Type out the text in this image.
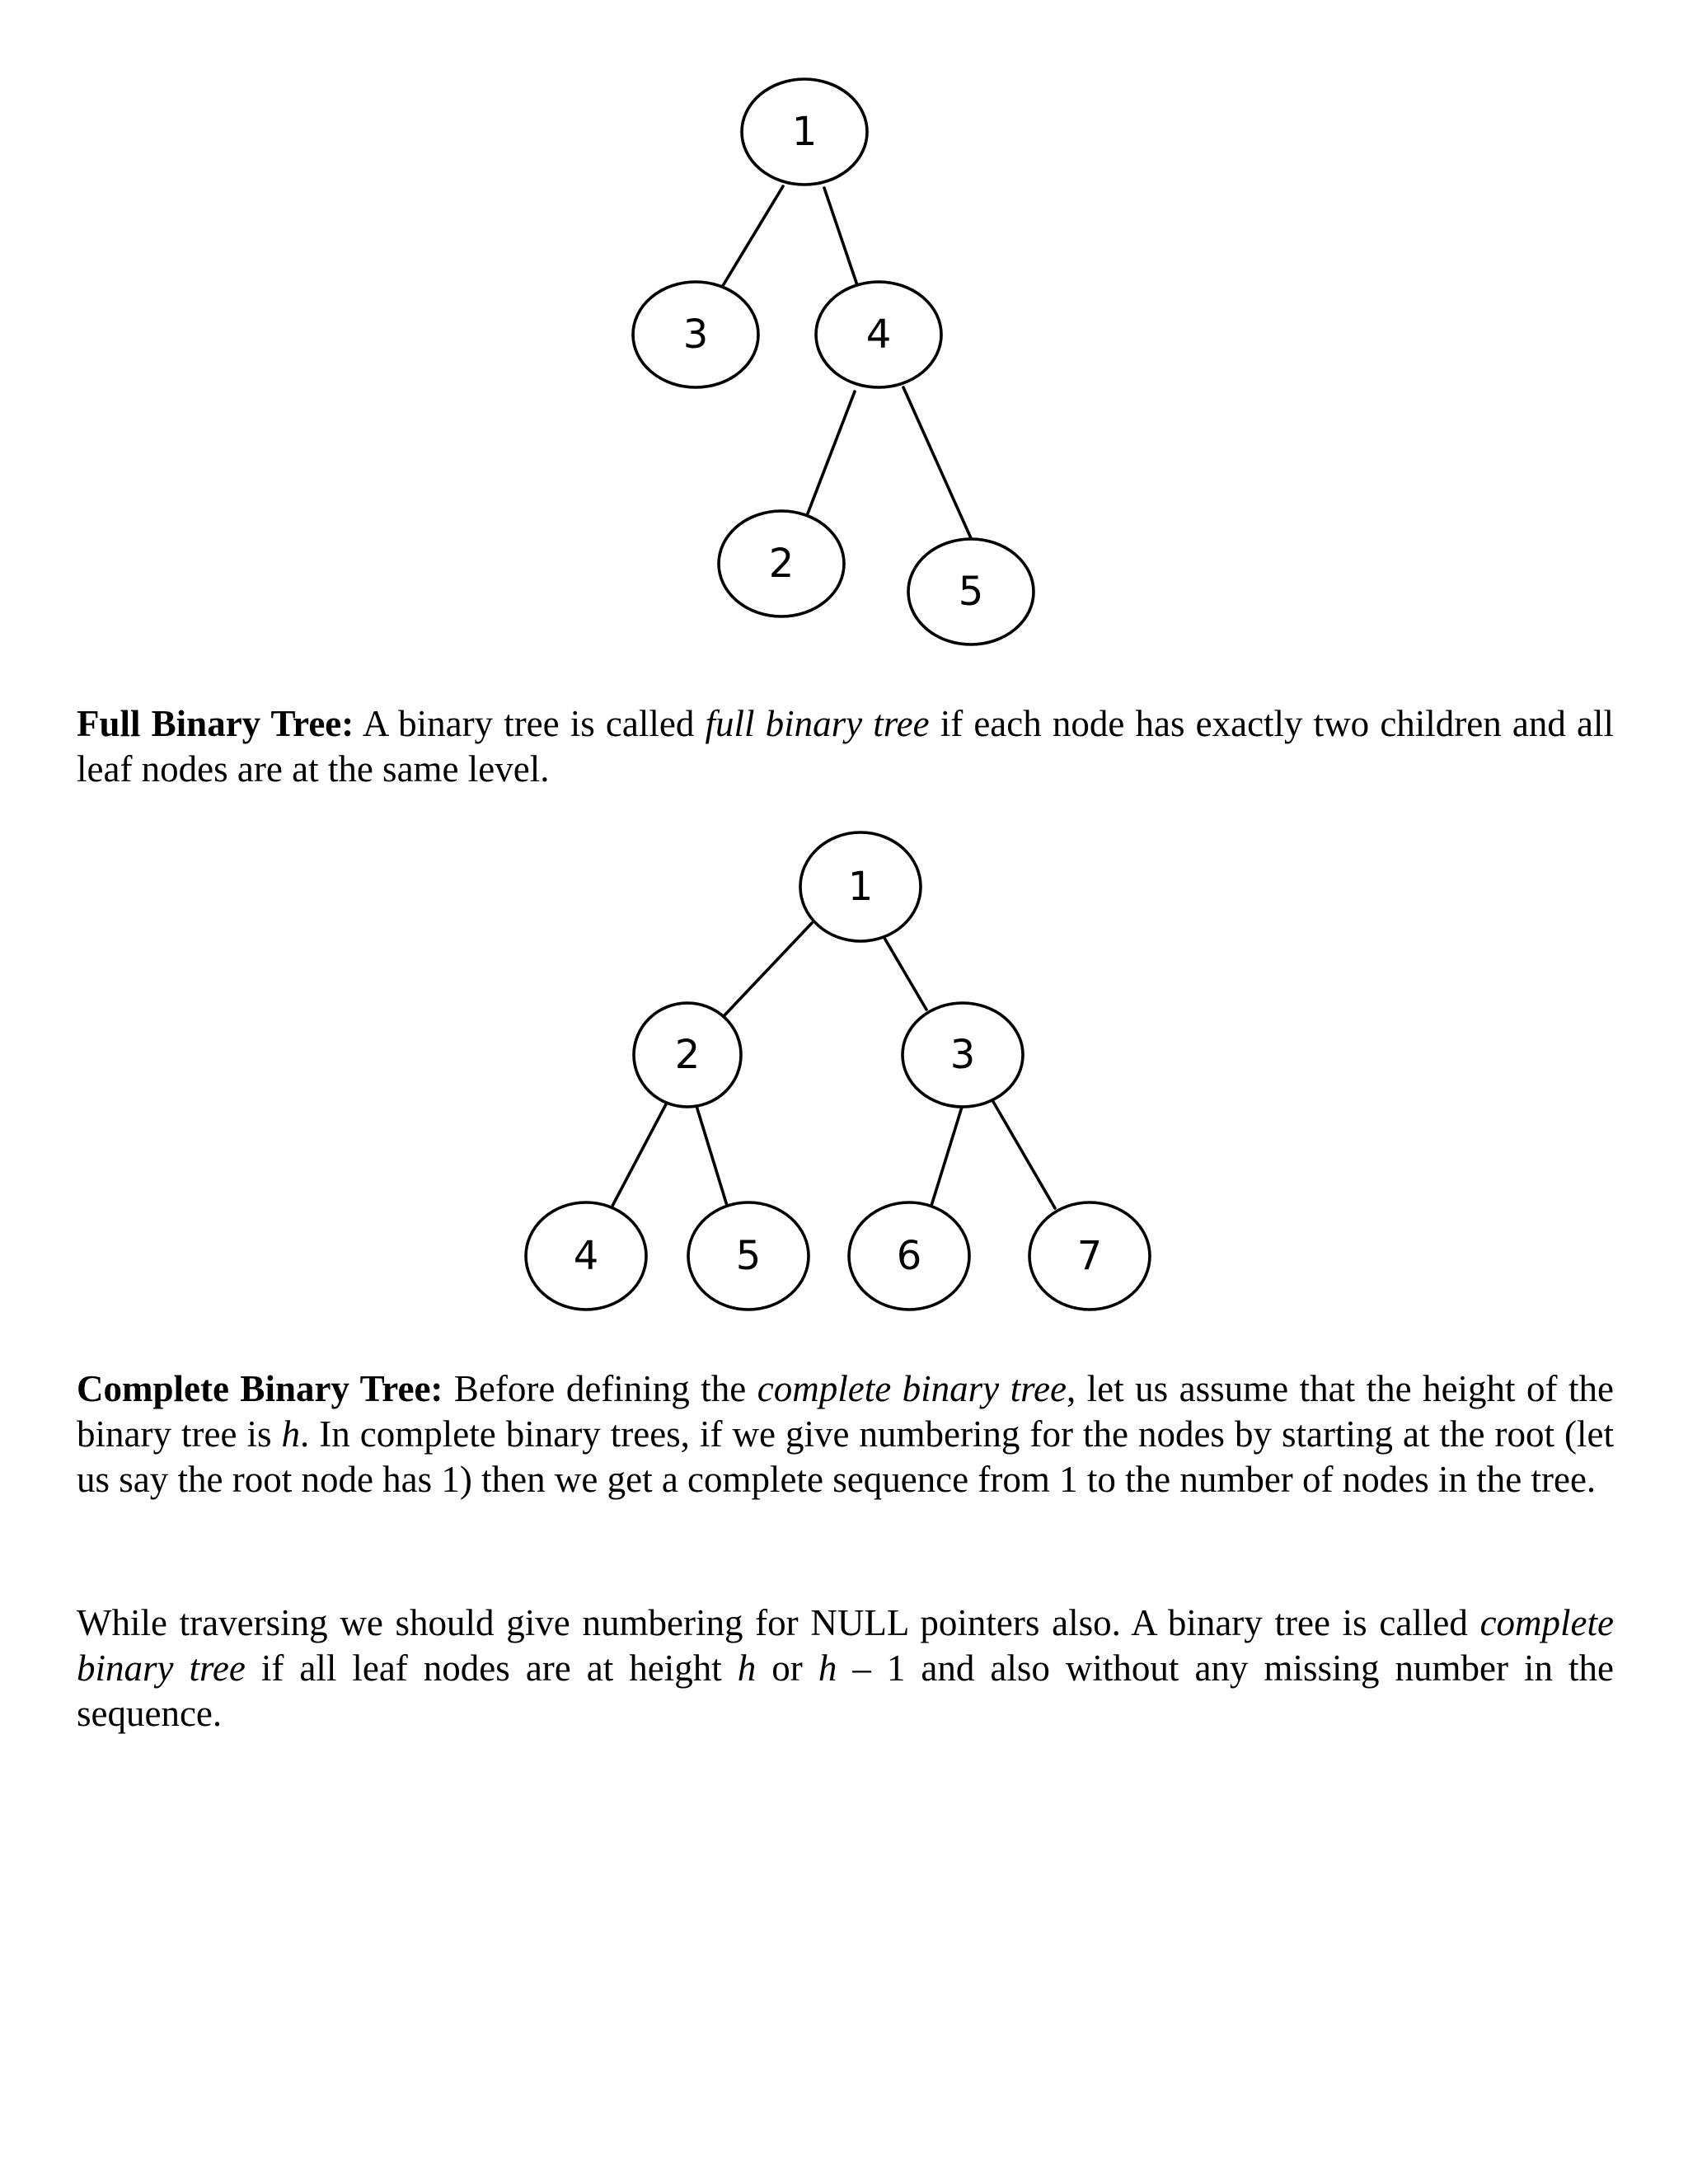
1
3	4
2
5

Full Binary Tree: A binary tree is called full binary tree if each node has exactly two children and all leaf nodes are at the same level.

1
2	3
4	5	6	7

Complete Binary Tree: Before defining the complete binary tree, let us assume that the height of the binary tree is h. In complete binary trees, if we give numbering for the nodes by starting at the root (let us say the root node has 1) then we get a complete sequence from 1 to the number of nodes in the tree.

While traversing we should give numbering for NULL pointers also. A binary tree is called complete binary tree if all leaf nodes are at height h or h – 1 and also without any missing number in the sequence.
